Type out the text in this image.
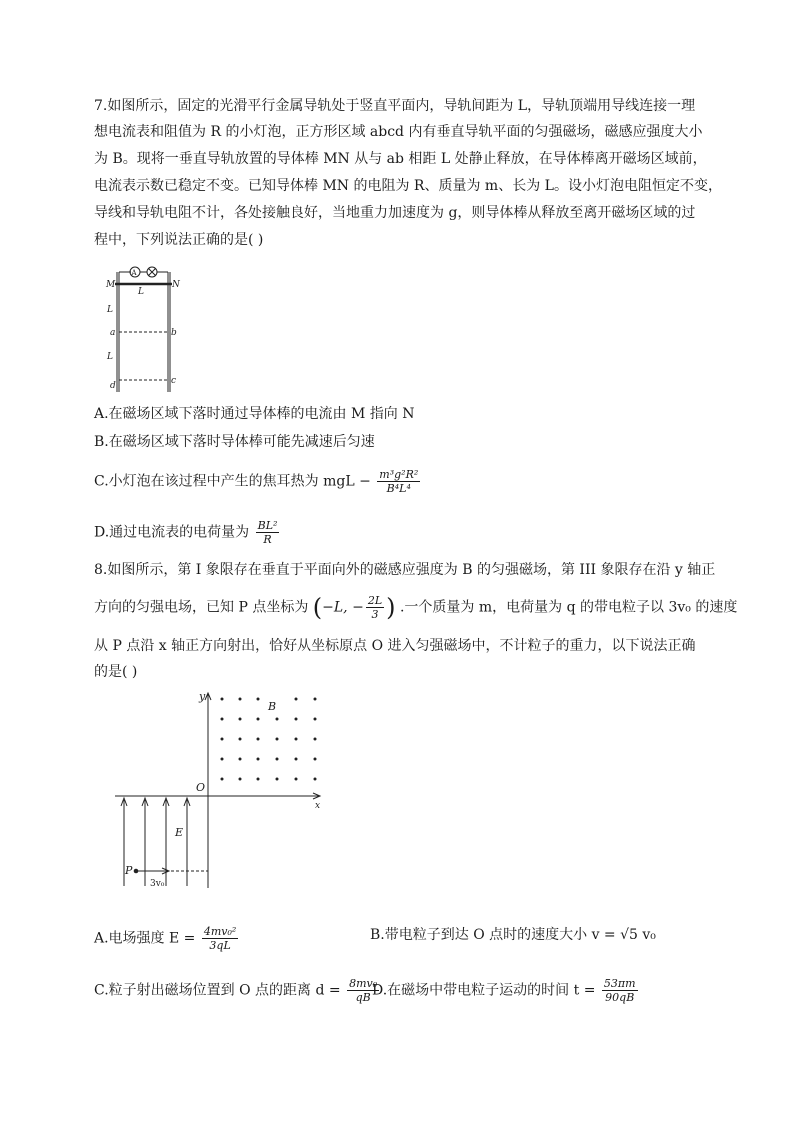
7.如图所示，固定的光滑平行金属导轨处于竖直平面内，导轨间距为 L，导轨顶端用导线连接一理
想电流表和阻值为 R 的小灯泡，正方形区域 abcd 内有垂直导轨平面的匀强磁场，磁感应强度大小
为 B。现将一垂直导轨放置的导体棒 MN 从与 ab 相距 L 处静止释放，在导体棒离开磁场区域前，
电流表示数已稳定不变。已知导体棒 MN 的电阻为 R、质量为 m、长为 L。设小灯泡电阻恒定不变，
导线和导轨电阻不计，各处接触良好，当地重力加速度为 g，则导体棒从释放至离开磁场区域的过
程中，下列说法正确的是( )
A
M	N
L
L
a	b
L
c
d
A.在磁场区域下落时通过导体棒的电流由 M 指向 N
B.在磁场区域下落时导体棒可能先减速后匀速
C.小灯泡在该过程中产生的焦耳热为 mgL − $\frac{\text{m³g²R²}}{\text{B⁴L⁴}}$
D.通过电流表的电荷量为 $\frac{\text{BL²}}{R}$
8.如图所示，第 I 象限存在垂直于平面向外的磁感应强度为 B 的匀强磁场，第 III 象限存在沿 y 轴正
方向的匀强电场，已知 P 点坐标为 (−L, − $\frac{2L}{3}$ ) .一个质量为 m，电荷量为 q 的带电粒子以 3v₀ 的速度
从 P 点沿 x 轴正方向射出，恰好从坐标原点 O 进入匀强磁场中，不计粒子的重力，以下说法正确
的是( )
y
B
O
x
E
P
3v₀
A.电场强度 $E = \frac{\text{4mv₀²}}{3qL}$	B.带电粒子到达 O 点时的速度大小 v = √5 v₀
C.粒子射出磁场位置到 O 点的距离 $d = \frac{\text{8mv₀}}{qB}$
D.在磁场中带电粒子运动的时间 $t = \frac{53\pi m}{90qB}$
